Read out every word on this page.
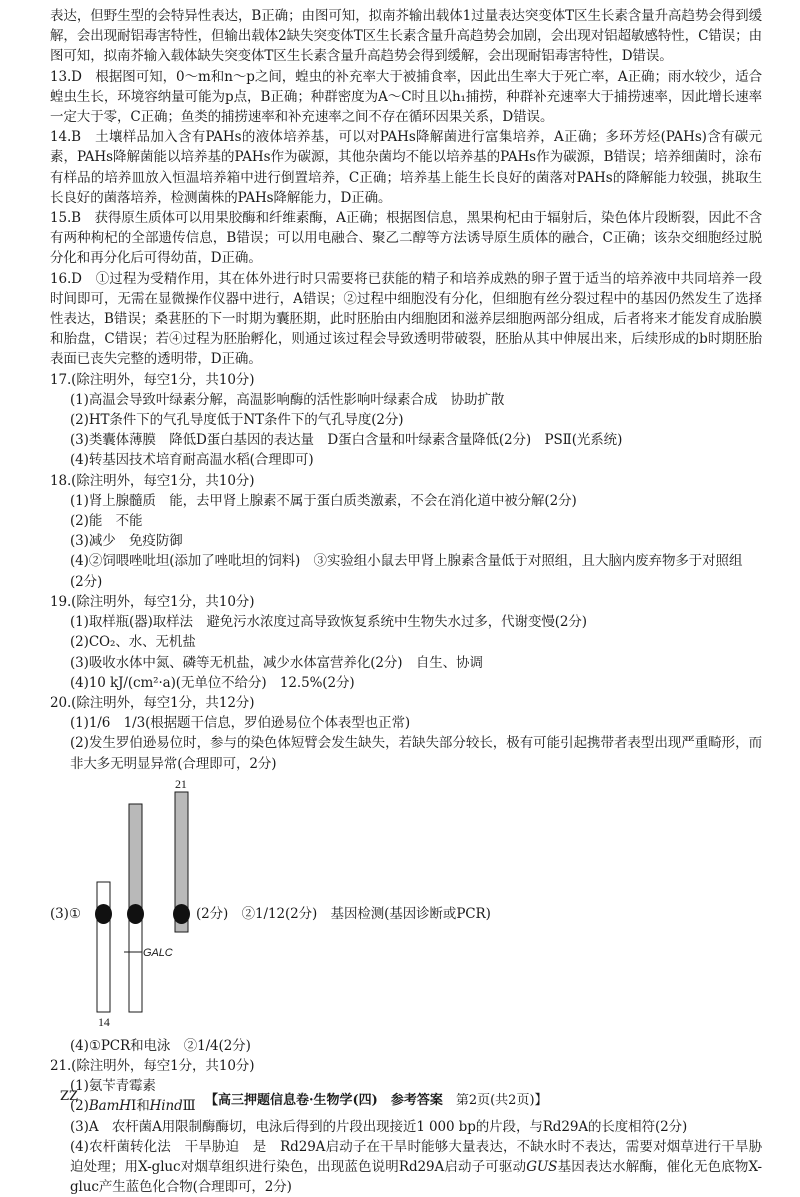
表达，但野生型的会特异性表达，B正确；由图可知，拟南芥输出载体1过量表达突变体T区生长素含量升高趋势会得到缓解，会出现耐铝毒害特性，但输出载体2缺失突变体T区生长素含量升高趋势会加剧，会出现对铝超敏感特性，C错误；由图可知，拟南芥输入载体缺失突变体T区生长素含量升高趋势会得到缓解，会出现耐铝毒害特性，D错误。

13.D　根据图可知，0～m和n～p之间，蝗虫的补充率大于被捕食率，因此出生率大于死亡率，A正确；雨水较少，适合蝗虫生长，环境容纳量可能为p点，B正确；种群密度为A～C时且以h₁捕捞，种群补充速率大于捕捞速率，因此增长速率一定大于零，C正确；鱼类的捕捞速率和补充速率之间不存在循环因果关系，D错误。

14.B　土壤样品加入含有PAHs的液体培养基，可以对PAHs降解菌进行富集培养，A正确；多环芳烃(PAHs)含有碳元素，PAHs降解菌能以培养基的PAHs作为碳源，其他杂菌均不能以培养基的PAHs作为碳源，B错误；培养细菌时，涂布有样品的培养皿放入恒温培养箱中进行倒置培养，C正确；培养基上能生长良好的菌落对PAHs的降解能力较强，挑取生长良好的菌落培养，检测菌株的PAHs降解能力，D正确。

15.B　获得原生质体可以用果胶酶和纤维素酶，A正确；根据图信息，黑果枸杞由于辐射后，染色体片段断裂，因此不含有两种枸杞的全部遗传信息，B错误；可以用电融合、聚乙二醇等方法诱导原生质体的融合，C正确；该杂交细胞经过脱分化和再分化后可得幼苗，D正确。

16.D　①过程为受精作用，其在体外进行时只需要将已获能的精子和培养成熟的卵子置于适当的培养液中共同培养一段时间即可，无需在显微操作仪器中进行，A错误；②过程中细胞没有分化，但细胞有丝分裂过程中的基因仍然发生了选择性表达，B错误；桑葚胚的下一时期为囊胚期，此时胚胎由内细胞团和滋养层细胞两部分组成，后者将来才能发育成胎膜和胎盘，C错误；若④过程为胚胎孵化，则通过该过程会导致透明带破裂，胚胎从其中伸展出来，后续形成的b时期胚胎表面已丧失完整的透明带，D正确。

17.(除注明外，每空1分，共10分)

(1)高温会导致叶绿素分解，高温影响酶的活性影响叶绿素合成　协助扩散

(2)HT条件下的气孔导度低于NT条件下的气孔导度(2分)

(3)类囊体薄膜　降低D蛋白基因的表达量　D蛋白含量和叶绿素含量降低(2分)　PSⅡ(光系统)

(4)转基因技术培育耐高温水稻(合理即可)

18.(除注明外，每空1分，共10分)

(1)肾上腺髓质　能，去甲肾上腺素不属于蛋白质类激素，不会在消化道中被分解(2分)

(2)能　不能

(3)减少　免疫防御

(4)②饲喂唑吡坦(添加了唑吡坦的饲料)　③实验组小鼠去甲肾上腺素含量低于对照组，且大脑内废弃物多于对照组

(2分)

19.(除注明外，每空1分，共10分)

(1)取样瓶(器)取样法　避免污水浓度过高导致恢复系统中生物失水过多，代谢变慢(2分)

(2)CO₂、水、无机盐

(3)吸收水体中氮、磷等无机盐，减少水体富营养化(2分)　自生、协调

(4)10 kJ/(cm²·a)(无单位不给分)　12.5%(2分)

20.(除注明外，每空1分，共12分)

(1)1/6　1/3(根据题干信息，罗伯逊易位个体表型也正常)

(2)发生罗伯逊易位时，参与的染色体短臂会发生缺失，若缺失部分较长，极有可能引起携带者表型出现严重畸形，而非大多无明显异常(合理即可，2分)

21
14
GALC
(3)①	(2分)　②1/12(2分)　基因检测(基因诊断或PCR)

(4)①PCR和电泳　②1/4(2分)

21.(除注明外，每空1分，共10分)

(1)氨苄青霉素

(2)BamHⅠ和HindⅢ

(3)A　农杆菌A用限制酶酶切，电泳后得到的片段出现接近1 000 bp的片段，与Rd29A的长度相符(2分)

(4)农杆菌转化法　干旱胁迫　是　Rd29A启动子在干旱时能够大量表达，不缺水时不表达，需要对烟草进行干旱胁迫处理；用X-gluc对烟草组织进行染色，出现蓝色说明Rd29A启动子可驱动GUS基因表达水解酶，催化无色底物X-gluc产生蓝色化合物(合理即可，2分)

ZZ	【高三押题信息卷·生物学(四)　参考答案　 第2页(共2页)】
